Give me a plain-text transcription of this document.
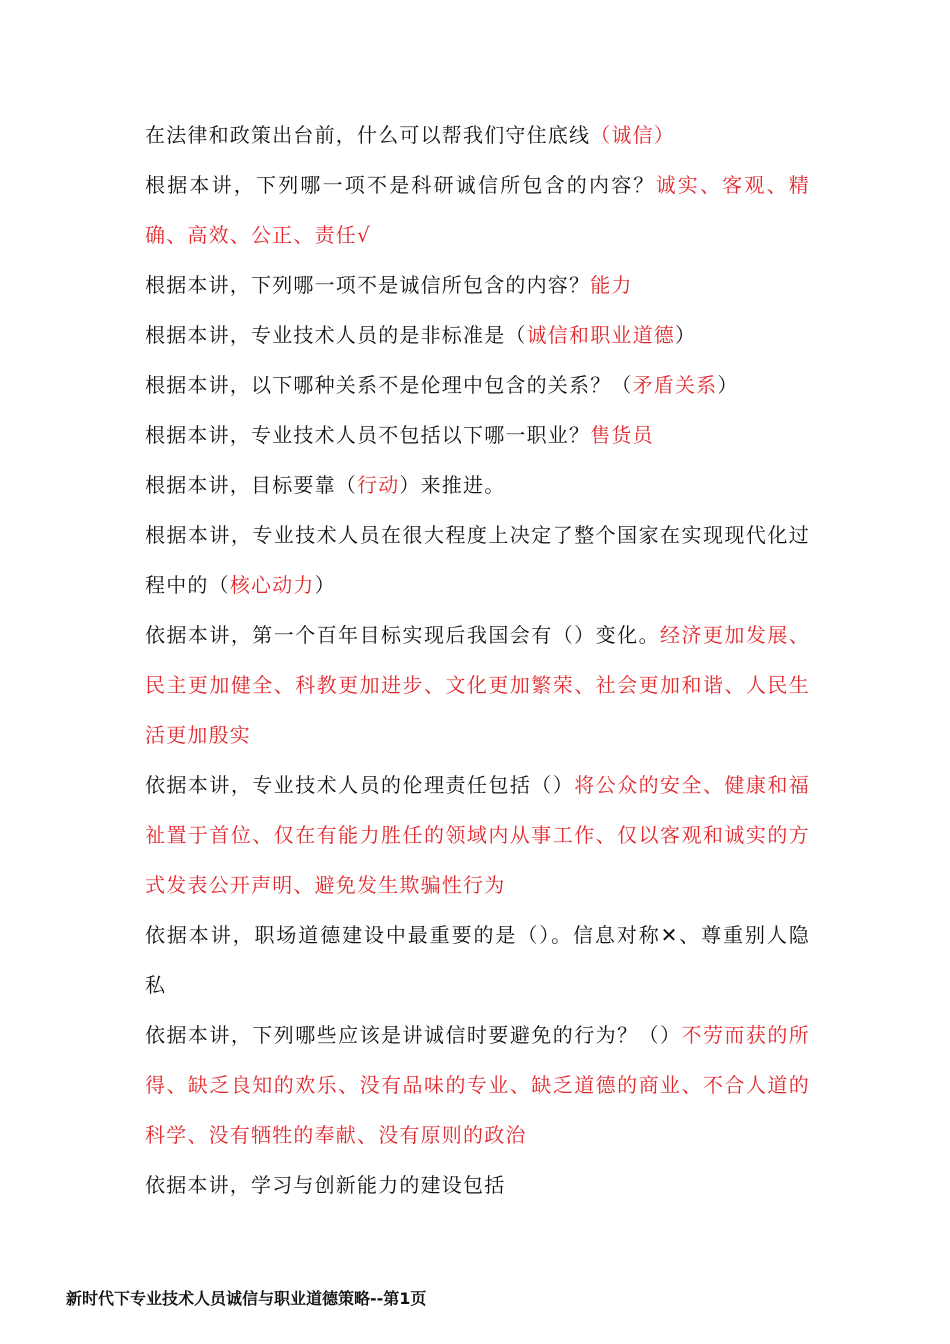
在法律和政策出台前，什么可以帮我们守住底线（诚信）

根据本讲，下列哪一项不是科研诚信所包含的内容？诚实、客观、精确、高效、公正、责任√

根据本讲，下列哪一项不是诚信所包含的内容？能力

根据本讲，专业技术人员的是非标准是（诚信和职业道德）

根据本讲，以下哪种关系不是伦理中包含的关系？（矛盾关系）

根据本讲，专业技术人员不包括以下哪一职业？售货员

根据本讲，目标要靠（行动）来推进。

根据本讲，专业技术人员在很大程度上决定了整个国家在实现现代化过程中的（核心动力）

依据本讲，第一个百年目标实现后我国会有（）变化。经济更加发展、民主更加健全、科教更加进步、文化更加繁荣、社会更加和谐、人民生活更加殷实

依据本讲，专业技术人员的伦理责任包括（）将公众的安全、健康和福祉置于首位、仅在有能力胜任的领域内从事工作、仅以客观和诚实的方式发表公开声明、避免发生欺骗性行为

依据本讲，职场道德建设中最重要的是（）。信息对称✕、尊重别人隐私

依据本讲，下列哪些应该是讲诚信时要避免的行为？（）不劳而获的所得、缺乏良知的欢乐、没有品味的专业、缺乏道德的商业、不合人道的科学、没有牺牲的奉献、没有原则的政治

依据本讲，学习与创新能力的建设包括

新时代下专业技术人员诚信与职业道德策略--第1页
